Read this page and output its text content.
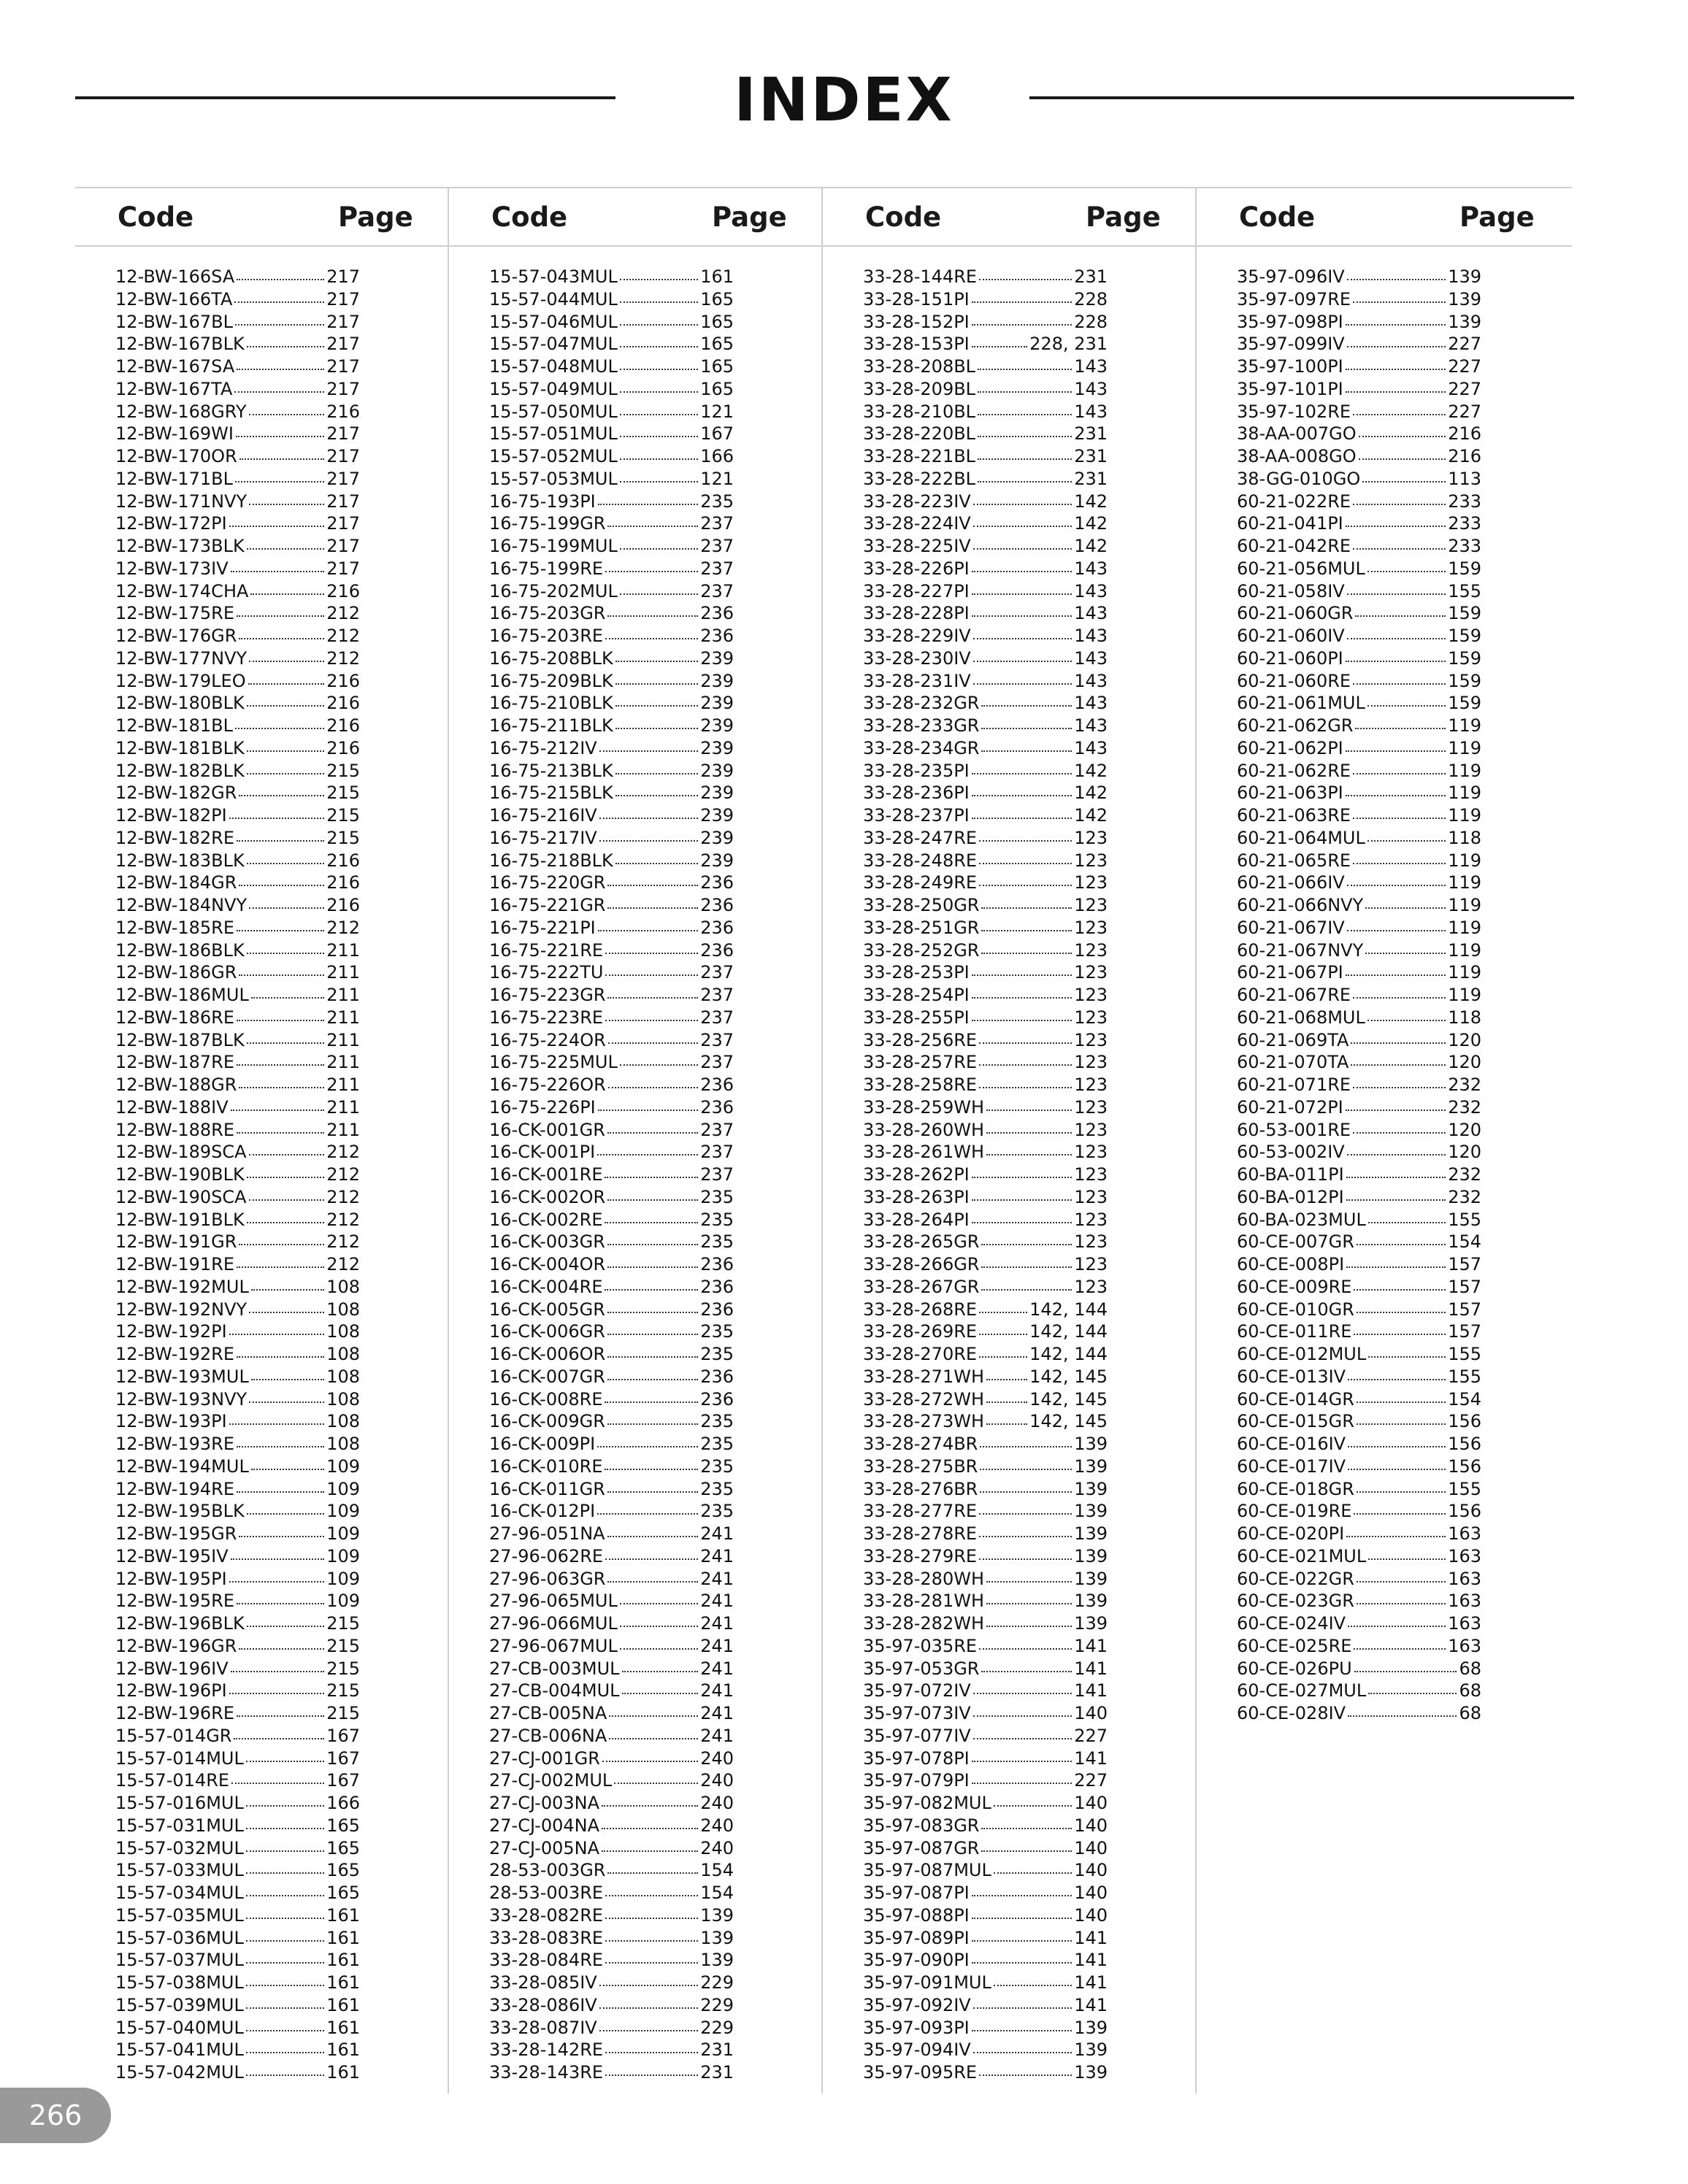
INDEX
Code	Page
12-BW-166SA	217
12-BW-166TA	217
12-BW-167BL	217
12-BW-167BLK	217
12-BW-167SA	217
12-BW-167TA	217
12-BW-168GRY	216
12-BW-169WI	217
12-BW-170OR	217
12-BW-171BL	217
12-BW-171NVY	217
12-BW-172PI	217
12-BW-173BLK	217
12-BW-173IV	217
12-BW-174CHA	216
12-BW-175RE	212
12-BW-176GR	212
12-BW-177NVY	212
12-BW-179LEO	216
12-BW-180BLK	216
12-BW-181BL	216
12-BW-181BLK	216
12-BW-182BLK	215
12-BW-182GR	215
12-BW-182PI	215
12-BW-182RE	215
12-BW-183BLK	216
12-BW-184GR	216
12-BW-184NVY	216
12-BW-185RE	212
12-BW-186BLK	211
12-BW-186GR	211
12-BW-186MUL	211
12-BW-186RE	211
12-BW-187BLK	211
12-BW-187RE	211
12-BW-188GR	211
12-BW-188IV	211
12-BW-188RE	211
12-BW-189SCA	212
12-BW-190BLK	212
12-BW-190SCA	212
12-BW-191BLK	212
12-BW-191GR	212
12-BW-191RE	212
12-BW-192MUL	108
12-BW-192NVY	108
12-BW-192PI	108
12-BW-192RE	108
12-BW-193MUL	108
12-BW-193NVY	108
12-BW-193PI	108
12-BW-193RE	108
12-BW-194MUL	109
12-BW-194RE	109
12-BW-195BLK	109
12-BW-195GR	109
12-BW-195IV	109
12-BW-195PI	109
12-BW-195RE	109
12-BW-196BLK	215
12-BW-196GR	215
12-BW-196IV	215
12-BW-196PI	215
12-BW-196RE	215
15-57-014GR	167
15-57-014MUL	167
15-57-014RE	167
15-57-016MUL	166
15-57-031MUL	165
15-57-032MUL	165
15-57-033MUL	165
15-57-034MUL	165
15-57-035MUL	161
15-57-036MUL	161
15-57-037MUL	161
15-57-038MUL	161
15-57-039MUL	161
15-57-040MUL	161
15-57-041MUL	161
15-57-042MUL	161
Code	Page
15-57-043MUL	161
15-57-044MUL	165
15-57-046MUL	165
15-57-047MUL	165
15-57-048MUL	165
15-57-049MUL	165
15-57-050MUL	121
15-57-051MUL	167
15-57-052MUL	166
15-57-053MUL	121
16-75-193PI	235
16-75-199GR	237
16-75-199MUL	237
16-75-199RE	237
16-75-202MUL	237
16-75-203GR	236
16-75-203RE	236
16-75-208BLK	239
16-75-209BLK	239
16-75-210BLK	239
16-75-211BLK	239
16-75-212IV	239
16-75-213BLK	239
16-75-215BLK	239
16-75-216IV	239
16-75-217IV	239
16-75-218BLK	239
16-75-220GR	236
16-75-221GR	236
16-75-221PI	236
16-75-221RE	236
16-75-222TU	237
16-75-223GR	237
16-75-223RE	237
16-75-224OR	237
16-75-225MUL	237
16-75-226OR	236
16-75-226PI	236
16-CK-001GR	237
16-CK-001PI	237
16-CK-001RE	237
16-CK-002OR	235
16-CK-002RE	235
16-CK-003GR	235
16-CK-004OR	236
16-CK-004RE	236
16-CK-005GR	236
16-CK-006GR	235
16-CK-006OR	235
16-CK-007GR	236
16-CK-008RE	236
16-CK-009GR	235
16-CK-009PI	235
16-CK-010RE	235
16-CK-011GR	235
16-CK-012PI	235
27-96-051NA	241
27-96-062RE	241
27-96-063GR	241
27-96-065MUL	241
27-96-066MUL	241
27-96-067MUL	241
27-CB-003MUL	241
27-CB-004MUL	241
27-CB-005NA	241
27-CB-006NA	241
27-CJ-001GR	240
27-CJ-002MUL	240
27-CJ-003NA	240
27-CJ-004NA	240
27-CJ-005NA	240
28-53-003GR	154
28-53-003RE	154
33-28-082RE	139
33-28-083RE	139
33-28-084RE	139
33-28-085IV	229
33-28-086IV	229
33-28-087IV	229
33-28-142RE	231
33-28-143RE	231
Code	Page
33-28-144RE	231
33-28-151PI	228
33-28-152PI	228
33-28-153PI	228, 231
33-28-208BL	143
33-28-209BL	143
33-28-210BL	143
33-28-220BL	231
33-28-221BL	231
33-28-222BL	231
33-28-223IV	142
33-28-224IV	142
33-28-225IV	142
33-28-226PI	143
33-28-227PI	143
33-28-228PI	143
33-28-229IV	143
33-28-230IV	143
33-28-231IV	143
33-28-232GR	143
33-28-233GR	143
33-28-234GR	143
33-28-235PI	142
33-28-236PI	142
33-28-237PI	142
33-28-247RE	123
33-28-248RE	123
33-28-249RE	123
33-28-250GR	123
33-28-251GR	123
33-28-252GR	123
33-28-253PI	123
33-28-254PI	123
33-28-255PI	123
33-28-256RE	123
33-28-257RE	123
33-28-258RE	123
33-28-259WH	123
33-28-260WH	123
33-28-261WH	123
33-28-262PI	123
33-28-263PI	123
33-28-264PI	123
33-28-265GR	123
33-28-266GR	123
33-28-267GR	123
33-28-268RE	142, 144
33-28-269RE	142, 144
33-28-270RE	142, 144
33-28-271WH	142, 145
33-28-272WH	142, 145
33-28-273WH	142, 145
33-28-274BR	139
33-28-275BR	139
33-28-276BR	139
33-28-277RE	139
33-28-278RE	139
33-28-279RE	139
33-28-280WH	139
33-28-281WH	139
33-28-282WH	139
35-97-035RE	141
35-97-053GR	141
35-97-072IV	141
35-97-073IV	140
35-97-077IV	227
35-97-078PI	141
35-97-079PI	227
35-97-082MUL	140
35-97-083GR	140
35-97-087GR	140
35-97-087MUL	140
35-97-087PI	140
35-97-088PI	140
35-97-089PI	141
35-97-090PI	141
35-97-091MUL	141
35-97-092IV	141
35-97-093PI	139
35-97-094IV	139
35-97-095RE	139
Code	Page
35-97-096IV	139
35-97-097RE	139
35-97-098PI	139
35-97-099IV	227
35-97-100PI	227
35-97-101PI	227
35-97-102RE	227
38-AA-007GO	216
38-AA-008GO	216
38-GG-010GO	113
60-21-022RE	233
60-21-041PI	233
60-21-042RE	233
60-21-056MUL	159
60-21-058IV	155
60-21-060GR	159
60-21-060IV	159
60-21-060PI	159
60-21-060RE	159
60-21-061MUL	159
60-21-062GR	119
60-21-062PI	119
60-21-062RE	119
60-21-063PI	119
60-21-063RE	119
60-21-064MUL	118
60-21-065RE	119
60-21-066IV	119
60-21-066NVY	119
60-21-067IV	119
60-21-067NVY	119
60-21-067PI	119
60-21-067RE	119
60-21-068MUL	118
60-21-069TA	120
60-21-070TA	120
60-21-071RE	232
60-21-072PI	232
60-53-001RE	120
60-53-002IV	120
60-BA-011PI	232
60-BA-012PI	232
60-BA-023MUL	155
60-CE-007GR	154
60-CE-008PI	157
60-CE-009RE	157
60-CE-010GR	157
60-CE-011RE	157
60-CE-012MUL	155
60-CE-013IV	155
60-CE-014GR	154
60-CE-015GR	156
60-CE-016IV	156
60-CE-017IV	156
60-CE-018GR	155
60-CE-019RE	156
60-CE-020PI	163
60-CE-021MUL	163
60-CE-022GR	163
60-CE-023GR	163
60-CE-024IV	163
60-CE-025RE	163
60-CE-026PU	68
60-CE-027MUL	68
60-CE-028IV	68
266
